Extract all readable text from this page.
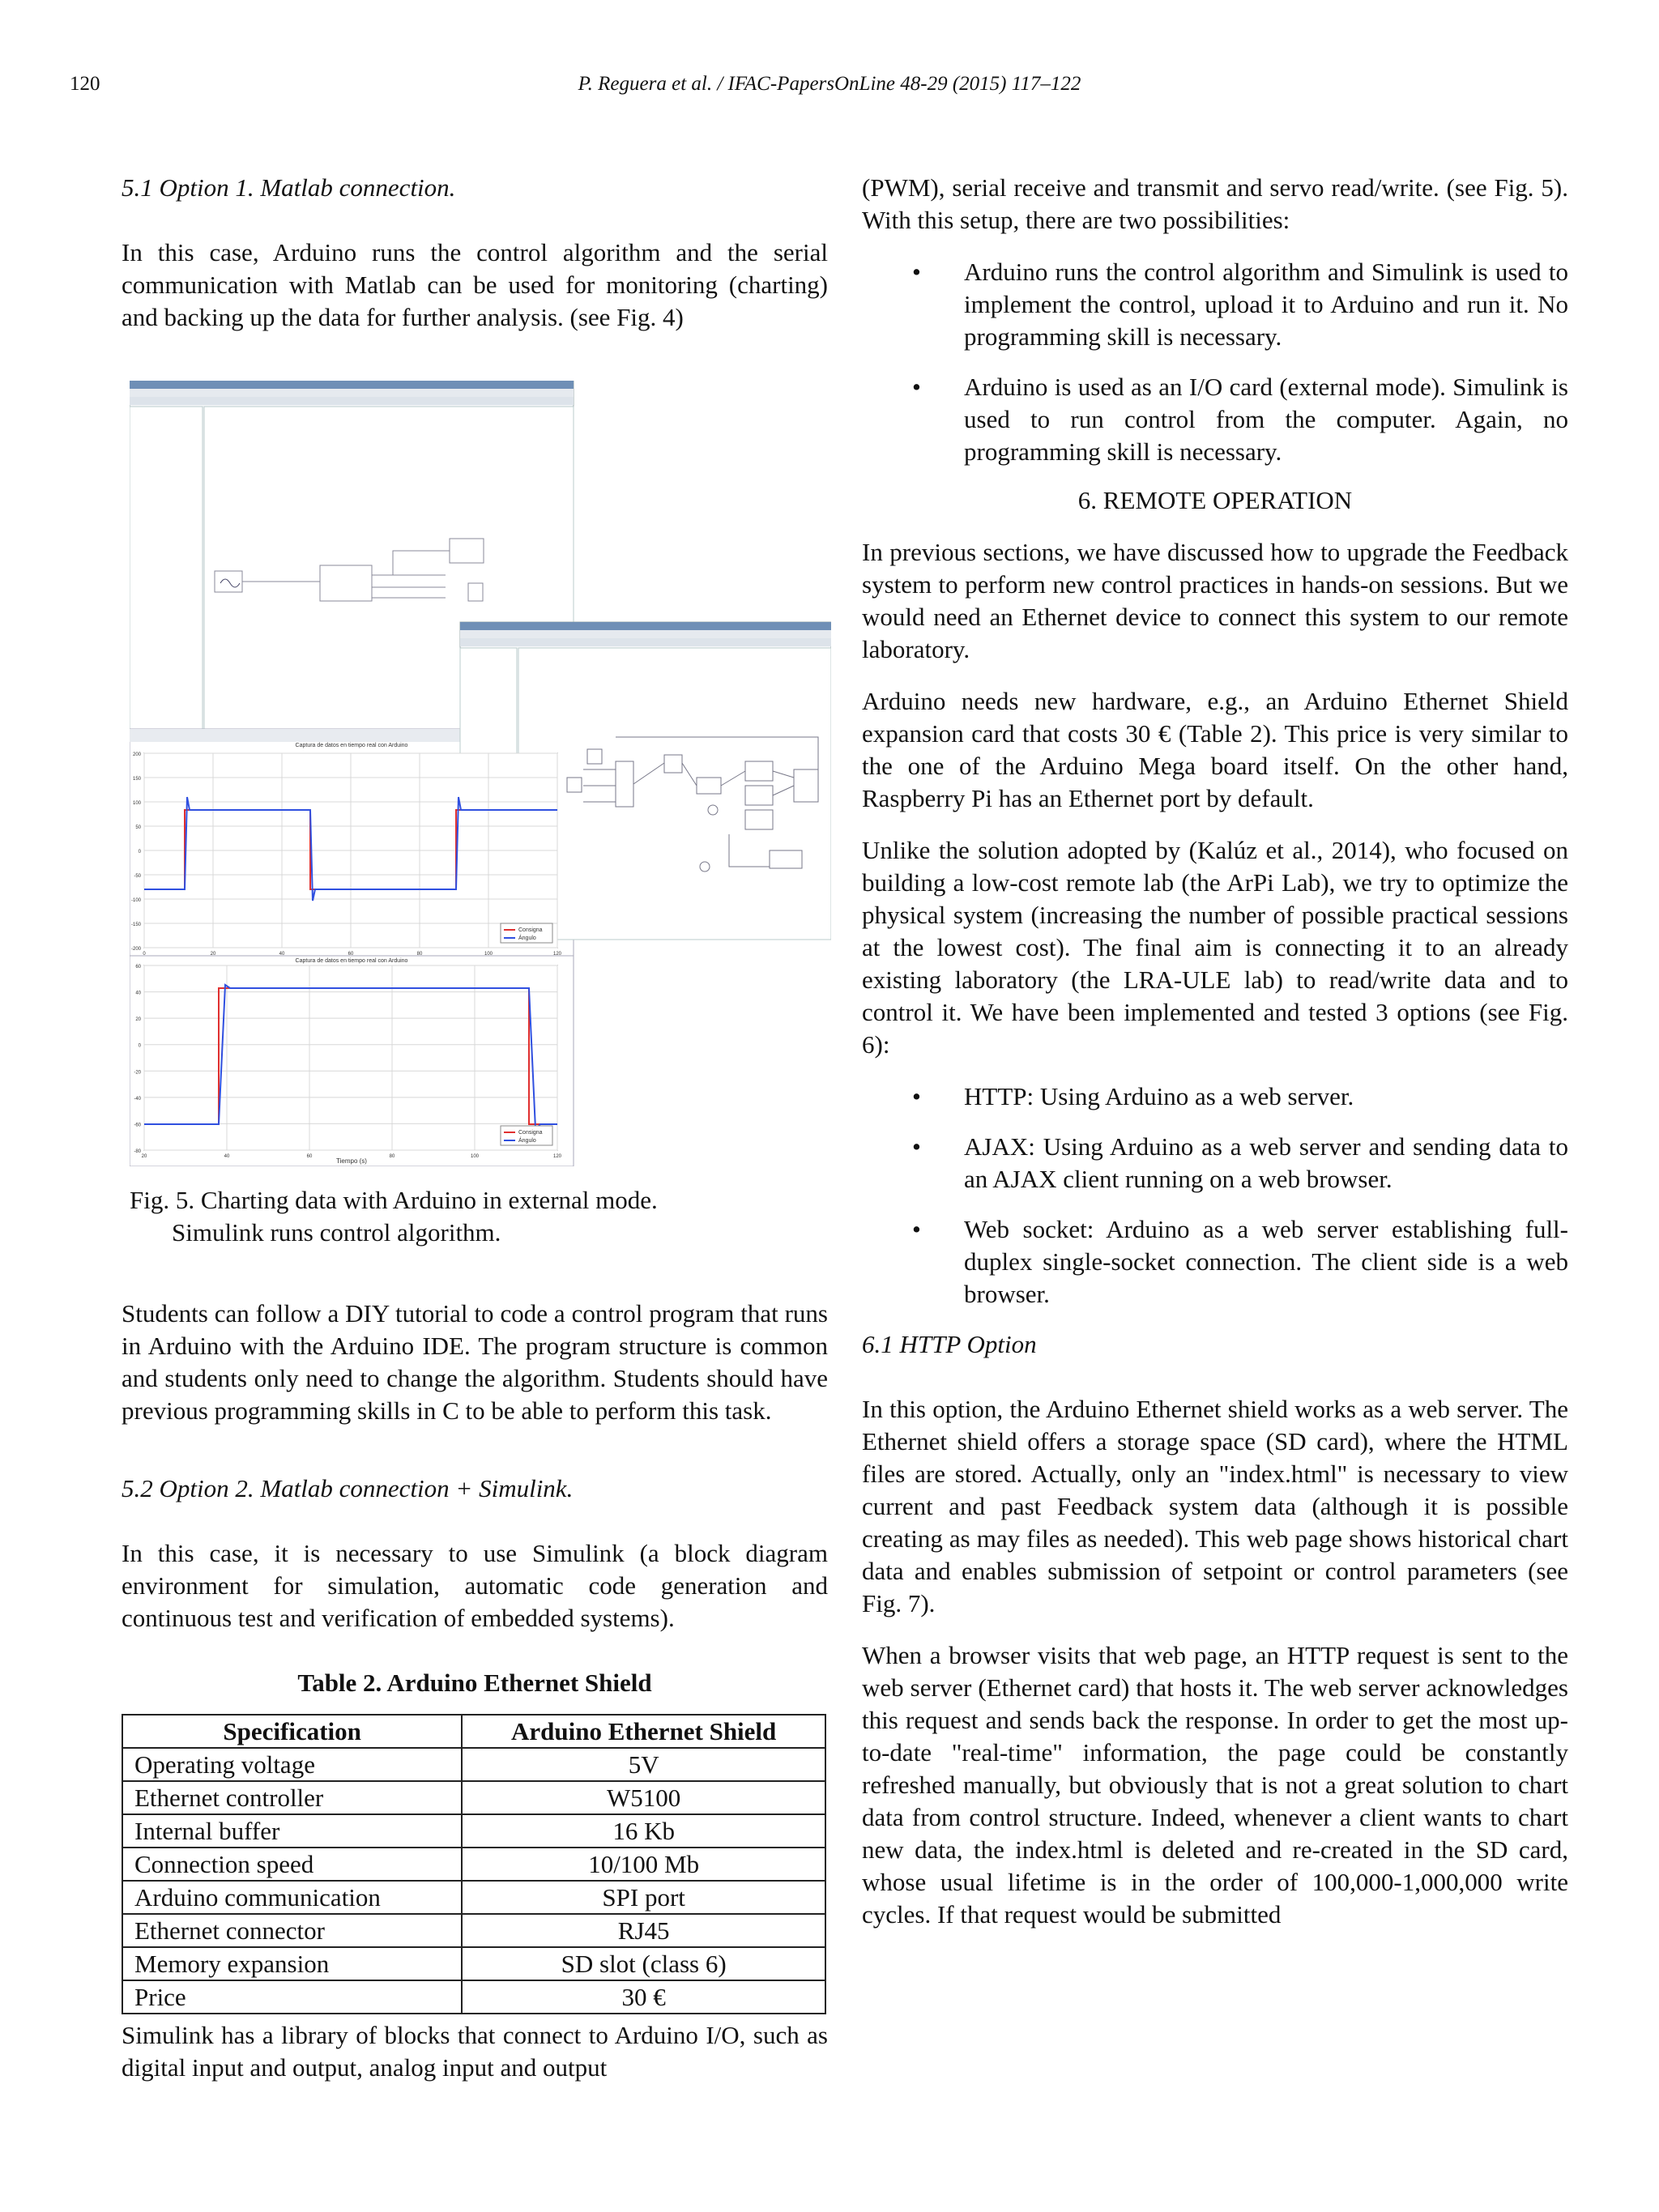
120	P. Reguera et al. / IFAC-PapersOnLine 48-29 (2015) 117–122

5.1 Option 1. Matlab connection.

In this case, Arduino runs the control algorithm and the serial communication with Matlab can be used for monitoring (charting) and backing up the data for further analysis. (see Fig. 4)

Captura de datos en tiempo real con Arduino
Captura de datos en tiempo real con Arduino
Tiempo (s)
200
150
100
50
0
-50
-100
-150
-200
0	20	40	60	80	100	120
Consigna
Ángulo
60
40
20
0
-20
-40
-60
-80
20	40	60	80	100	120
Consigna
Ángulo
Fig. 5. Charting data with Arduino in external mode.
Simulink runs control algorithm.

Students can follow a DIY tutorial to code a control program that runs in Arduino with the Arduino IDE. The program structure is common and students only need to change the algorithm. Students should have previous programming skills in C to be able to perform this task.

5.2 Option 2. Matlab connection + Simulink.

In this case, it is necessary to use Simulink (a block diagram environment for simulation, automatic code generation and continuous test and verification of embedded systems).

Table 2. Arduino Ethernet Shield

Specification	Arduino Ethernet Shield
Operating voltage	5V
Ethernet controller	W5100
Internal buffer	16 Kb
Connection speed	10/100 Mb
Arduino communication	SPI port
Ethernet connector	RJ45
Memory expansion	SD slot (class 6)
Price	30 €

Simulink has a library of blocks that connect to Arduino I/O, such as digital input and output, analog input and output

(PWM), serial receive and transmit and servo read/write. (see Fig. 5). With this setup, there are two possibilities:

• Arduino runs the control algorithm and Simulink is used to implement the control, upload it to Arduino and run it. No programming skill is necessary.
• Arduino is used as an I/O card (external mode). Simulink is used to run control from the computer. Again, no programming skill is necessary.

6. REMOTE OPERATION

In previous sections, we have discussed how to upgrade the Feedback system to perform new control practices in hands-on sessions. But we would need an Ethernet device to connect this system to our remote laboratory.

Arduino needs new hardware, e.g., an Arduino Ethernet Shield expansion card that costs 30 € (Table 2). This price is very similar to the one of the Arduino Mega board itself. On the other hand, Raspberry Pi has an Ethernet port by default.

Unlike the solution adopted by (Kalúz et al., 2014), who focused on building a low-cost remote lab (the ArPi Lab), we try to optimize the physical system (increasing the number of possible practical sessions at the lowest cost). The final aim is connecting it to an already existing laboratory (the LRA-ULE lab) to read/write data and to control it. We have been implemented and tested 3 options (see Fig. 6):

• HTTP: Using Arduino as a web server.
• AJAX: Using Arduino as a web server and sending data to an AJAX client running on a web browser.
• Web socket: Arduino as a web server establishing full-duplex single-socket connection. The client side is a web browser.

6.1 HTTP Option

In this option, the Arduino Ethernet shield works as a web server. The Ethernet shield offers a storage space (SD card), where the HTML files are stored. Actually, only an "index.html" is necessary to view current and past Feedback system data (although it is possible creating as may files as needed). This web page shows historical chart data and enables submission of setpoint or control parameters (see Fig. 7).

When a browser visits that web page, an HTTP request is sent to the web server (Ethernet card) that hosts it. The web server acknowledges this request and sends back the response. In order to get the most up-to-date "real-time" information, the page could be constantly refreshed manually, but obviously that is not a great solution to chart data from control structure. Indeed, whenever a client wants to chart new data, the index.html is deleted and re-created in the SD card, whose usual lifetime is in the order of 100,000-1,000,000 write cycles. If that request would be submitted
